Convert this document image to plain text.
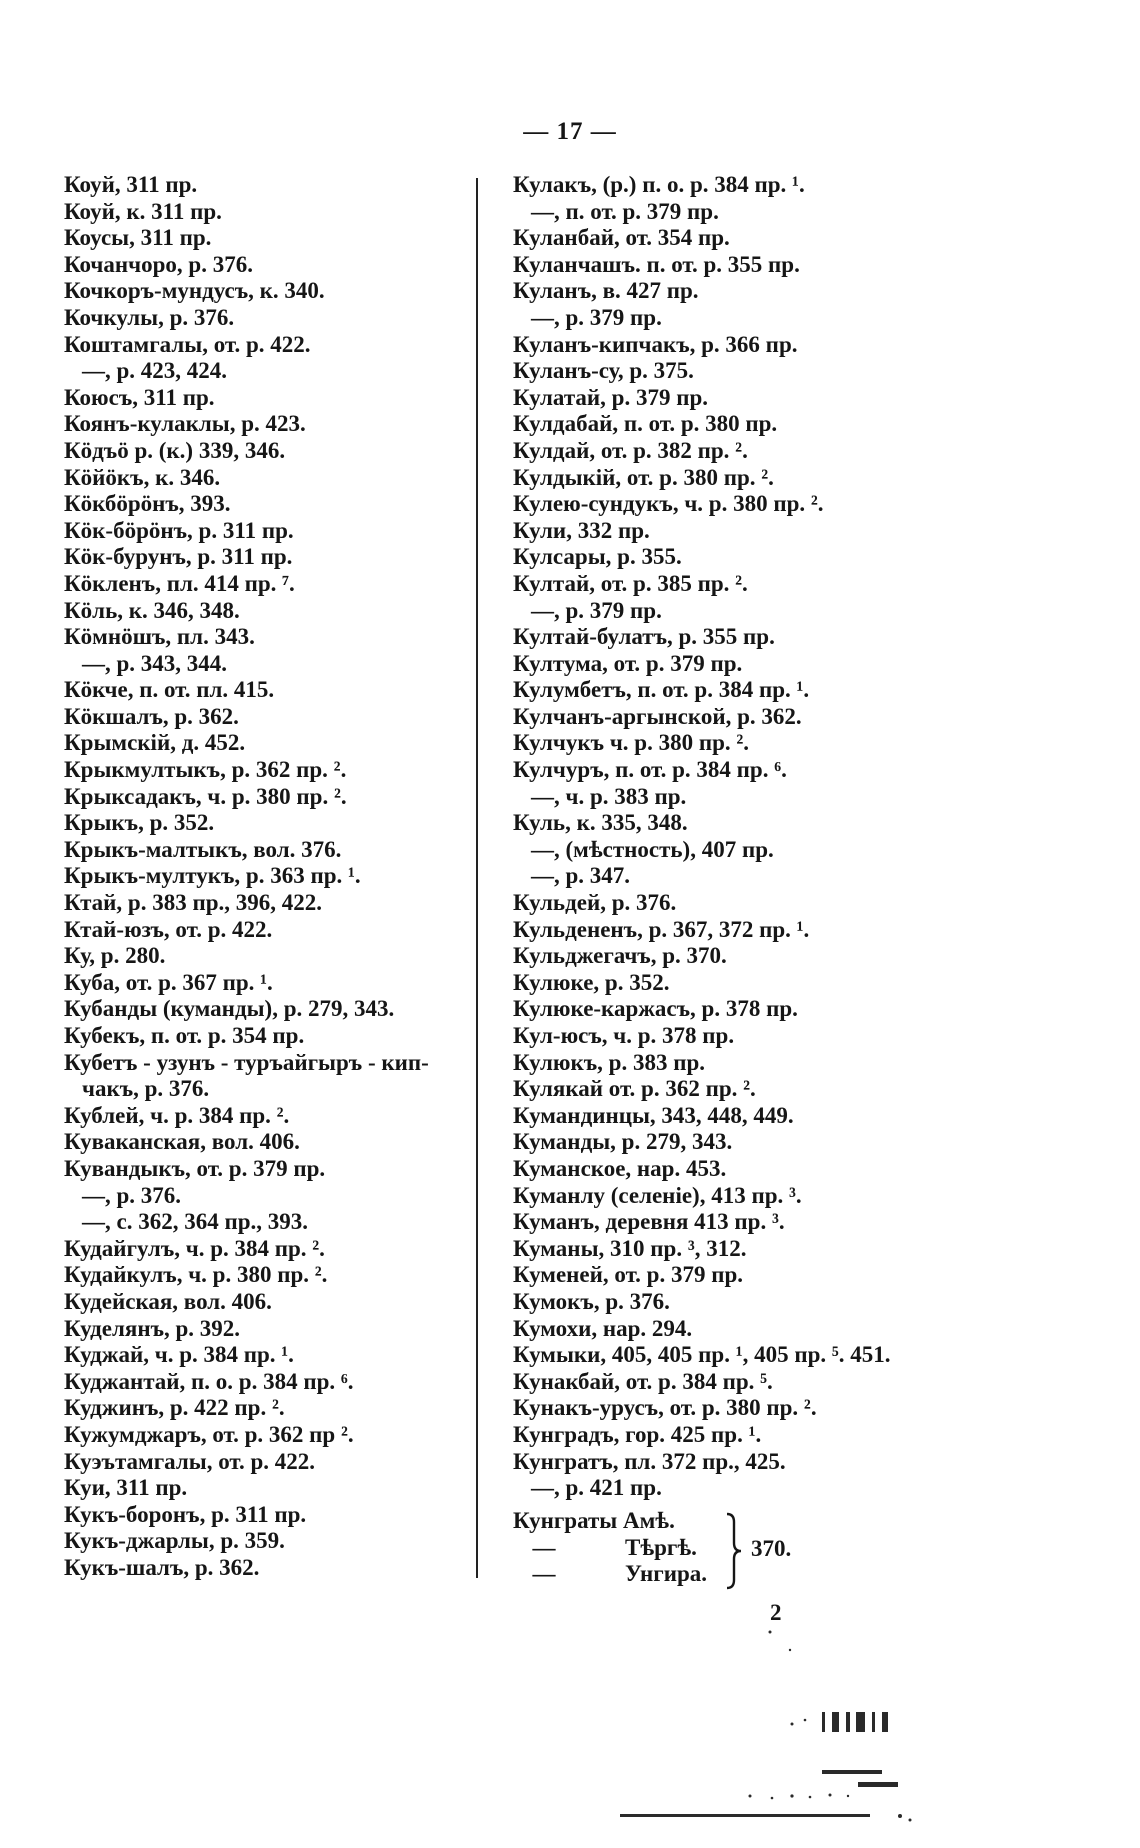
— 17 —
Коуй, 311 пр.
Коуй, к. 311 пр.
Коусы, 311 пр.
Кочанчоро, р. 376.
Кочкоръ-мундусъ, к. 340.
Кочкулы, р. 376.
Коштамгалы, от. р. 422.
—, р. 423, 424.
Коюсъ, 311 пр.
Коянъ-кулаклы, р. 423.
Кöдъö р. (к.) 339, 346.
Кöйöкъ, к. 346.
Кöкбöрöнъ, 393.
Кöк-бöрöнъ, р. 311 пр.
Кöк-бурунъ, р. 311 пр.
Кöкленъ, пл. 414 пр. ⁷.
Кöль, к. 346, 348.
Кöмнöшъ, пл. 343.
—, р. 343, 344.
Кöкче, п. от. пл. 415.
Кöкшалъ, р. 362.
Крымскiй, д. 452.
Крыкмултыкъ, р. 362 пр. ².
Крыксадакъ, ч. р. 380 пр. ².
Крыкъ, р. 352.
Крыкъ-малтыкъ, вол. 376.
Крыкъ-мултукъ, р. 363 пр. ¹.
Ктай, р. 383 пр., 396, 422.
Ктай-юзъ, от. р. 422.
Ку, р. 280.
Куба, от. р. 367 пр. ¹.
Кубанды (куманды), р. 279, 343.
Кубекъ, п. от. р. 354 пр.
Кубетъ - узунъ - туръайгыръ - кип-
чакъ, р. 376.
Кублей, ч. р. 384 пр. ².
Куваканская, вол. 406.
Кувандыкъ, от. р. 379 пр.
—, р. 376.
—, с. 362, 364 пр., 393.
Кудайгулъ, ч. р. 384 пр. ².
Кудайкулъ, ч. р. 380 пр. ².
Кудейская, вол. 406.
Куделянъ, р. 392.
Куджай, ч. р. 384 пр. ¹.
Куджантай, п. о. р. 384 пр. ⁶.
Куджинъ, р. 422 пр. ².
Кужумджаръ, от. р. 362 пр ².
Куэътамгалы, от. р. 422.
Куи, 311 пр.
Кукъ-боронъ, р. 311 пр.
Кукъ-джарлы, р. 359.
Кукъ-шалъ, р. 362.
Кулакъ, (р.) п. о. р. 384 пр. ¹.
—, п. от. р. 379 пр.
Куланбай, от. 354 пр.
Куланчашъ. п. от. р. 355 пр.
Куланъ, в. 427 пр.
—, р. 379 пр.
Куланъ-кипчакъ, р. 366 пр.
Куланъ-су, р. 375.
Кулатай, р. 379 пр.
Кулдабай, п. от. р. 380 пр.
Кулдай, от. р. 382 пр. ².
Кулдыкiй, от. р. 380 пр. ².
Кулею-сундукъ, ч. р. 380 пр. ².
Кули, 332 пр.
Кулсары, р. 355.
Култай, от. р. 385 пр. ².
—, р. 379 пр.
Култай-булатъ, р. 355 пр.
Култума, от. р. 379 пр.
Кулумбетъ, п. от. р. 384 пр. ¹.
Кулчанъ-аргынской, р. 362.
Кулчукъ ч. р. 380 пр. ².
Кулчуръ, п. от. р. 384 пр. ⁶.
—, ч. р. 383 пр.
Куль, к. 335, 348.
—, (мѣстность), 407 пр.
—, р. 347.
Кульдей, р. 376.
Кульдененъ, р. 367, 372 пр. ¹.
Кульджегачъ, р. 370.
Кулюке, р. 352.
Кулюке-каржасъ, р. 378 пр.
Кул-юсъ, ч. р. 378 пр.
Кулюкъ, р. 383 пр.
Кулякай от. р. 362 пр. ².
Кумандинцы, 343, 448, 449.
Куманды, р. 279, 343.
Куманское, нар. 453.
Куманлу (селенiе), 413 пр. ³.
Куманъ, деревня 413 пр. ³.
Куманы, 310 пр. ³, 312.
Куменей, от. р. 379 пр.
Кумокъ, р. 376.
Кумохи, нар. 294.
Кумыки, 405, 405 пр. ¹, 405 пр. ⁵. 451.
Кунакбай, от. р. 384 пр. ⁵.
Кунакъ-урусъ, от. р. 380 пр. ².
Кунградъ, гор. 425 пр. ¹.
Кунгратъ, пл. 372 пр., 425.
—, р. 421 пр.
Кунграты Амѣ.
—	Тѣргѣ.
—	Унгира.
370.
2
